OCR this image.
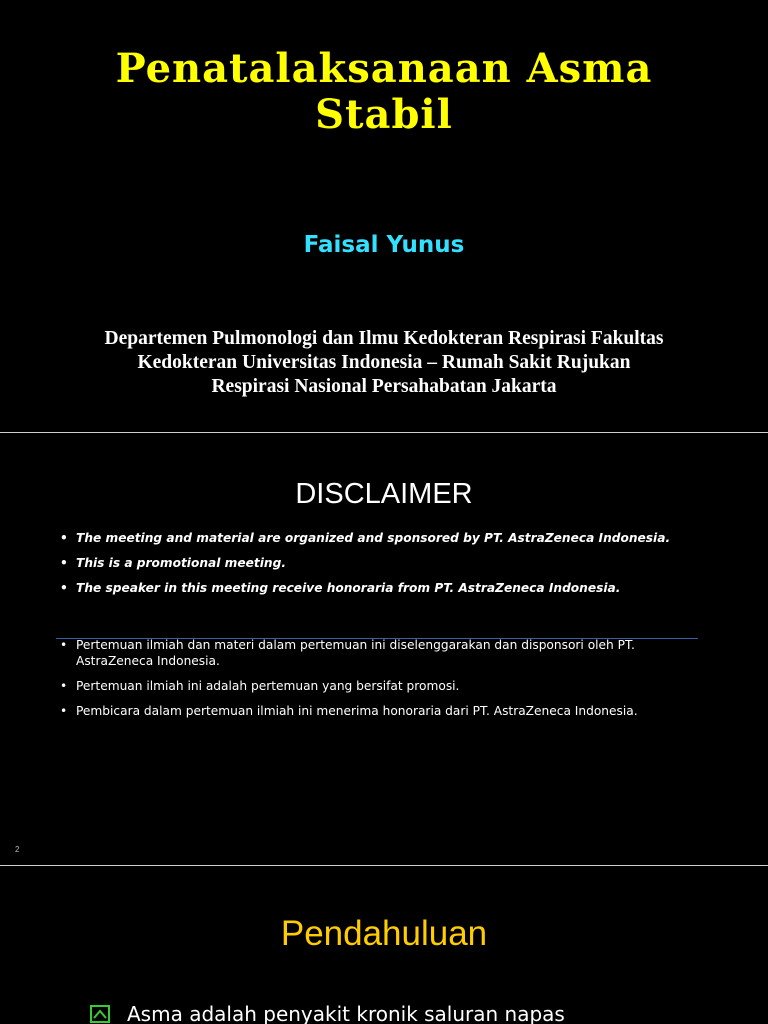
Penatalaksanaan Asma
Stabil
Faisal Yunus
Departemen Pulmonologi dan Ilmu Kedokteran Respirasi Fakultas
Kedokteran Universitas Indonesia – Rumah Sakit Rujukan
Respirasi Nasional Persahabatan Jakarta
DISCLAIMER
• The meeting and material are organized and sponsored by PT. AstraZeneca Indonesia.
• This is a promotional meeting.
• The speaker in this meeting receive honoraria from PT. AstraZeneca Indonesia.
• Pertemuan ilmiah dan materi dalam pertemuan ini diselenggarakan dan disponsori oleh PT. AstraZeneca Indonesia.
• Pertemuan ilmiah ini adalah pertemuan yang bersifat promosi.
• Pembicara dalam pertemuan ilmiah ini menerima honoraria dari PT. AstraZeneca Indonesia.
2
Pendahuluan
Asma adalah penyakit kronik saluran napas
